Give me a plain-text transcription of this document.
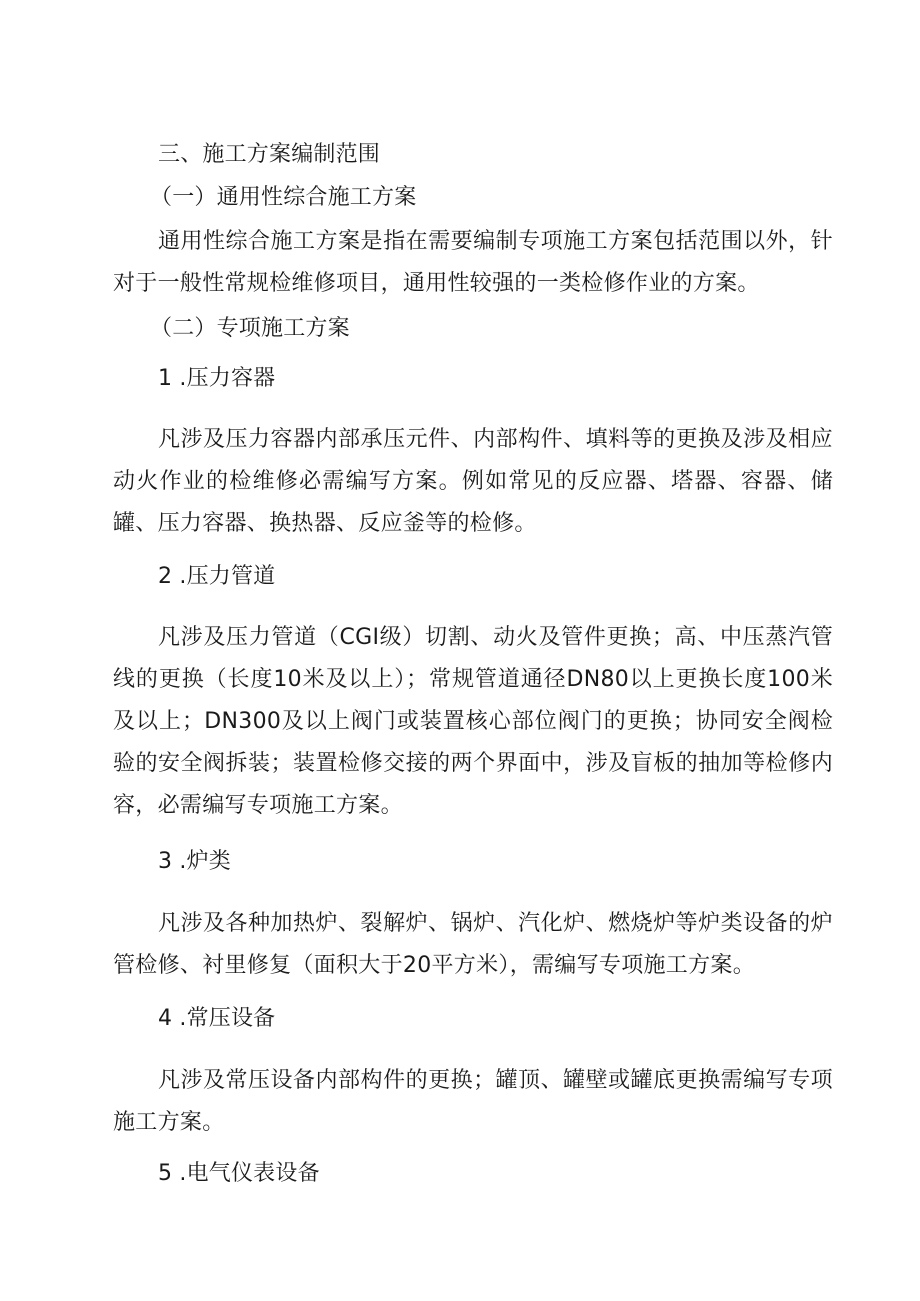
三、施工方案编制范围

（一）通用性综合施工方案

通用性综合施工方案是指在需要编制专项施工方案包括范围以外，针对于一般性常规检维修项目，通用性较强的一类检修作业的方案。

（二）专项施工方案

1 .压力容器

凡涉及压力容器内部承压元件、内部构件、填料等的更换及涉及相应动火作业的检维修必需编写方案。例如常见的反应器、塔器、容器、储罐、压力容器、换热器、反应釜等的检修。

2 .压力管道

凡涉及压力管道（CGI级）切割、动火及管件更换；高、中压蒸汽管线的更换（长度10米及以上）；常规管道通径DN80以上更换长度100米及以上；DN300及以上阀门或装置核心部位阀门的更换；协同安全阀检验的安全阀拆装；装置检修交接的两个界面中，涉及盲板的抽加等检修内容，必需编写专项施工方案。

3 .炉类

凡涉及各种加热炉、裂解炉、锅炉、汽化炉、燃烧炉等炉类设备的炉管检修、衬里修复（面积大于20平方米），需编写专项施工方案。

4 .常压设备

凡涉及常压设备内部构件的更换；罐顶、罐壁或罐底更换需编写专项施工方案。

5 .电气仪表设备
